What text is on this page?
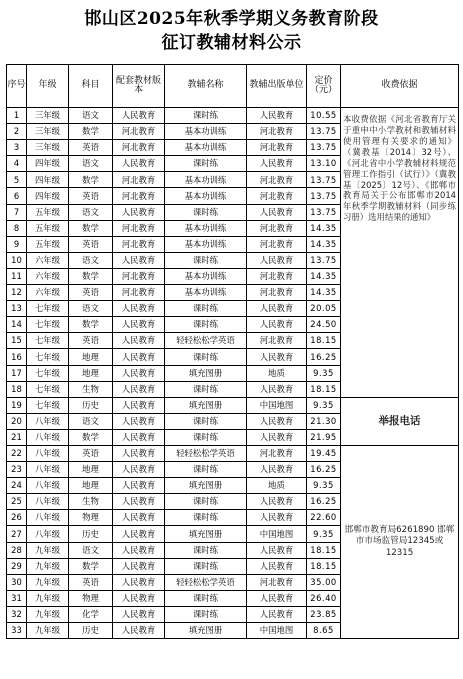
邯山区2025年秋季学期义务教育阶段
征订教辅材料公示
序号	年级	科目	配套教材版本	教辅名称	教辅出版单位	定价（元）	收费依据
1	三年级	语文	人民教育	课时练	人民教育	10.55	本收费依据《河北省教育厅关于重申中小学教材和教辅材料使用管理有关要求的通知》（冀教基〔2014〕32号）、《河北省中小学教辅材料规范管理工作指引（试行）》（冀教基〔2025〕12号）、《邯郸市教育局关于公布邯郸市2014年秋季学期教辅材料（同步练习册）选用结果的通知》
2	三年级	数学	河北教育	基本功训练	河北教育	13.75	
3	三年级	英语	河北教育	基本功训练	河北教育	13.75	
4	四年级	语文	人民教育	课时练	人民教育	13.10	
5	四年级	数学	河北教育	基本功训练	河北教育	13.75	
6	四年级	英语	河北教育	基本功训练	河北教育	13.75	
7	五年级	语文	人民教育	课时练	人民教育	13.75	
8	五年级	数学	河北教育	基本功训练	河北教育	14.35	
9	五年级	英语	河北教育	基本功训练	河北教育	14.35	
10	六年级	语文	人民教育	课时练	人民教育	13.75	
11	六年级	数学	河北教育	基本功训练	河北教育	14.35	
12	六年级	英语	河北教育	基本功训练	河北教育	14.35	
13	七年级	语文	人民教育	课时练	人民教育	20.05	
14	七年级	数学	人民教育	课时练	人民教育	24.50	
15	七年级	英语	人民教育	轻轻松松学英语	河北教育	18.15	
16	七年级	地理	人民教育	课时练	人民教育	16.25	
17	七年级	地理	人民教育	填充图册	地质	9.35	
18	七年级	生物	人民教育	课时练	人民教育	18.15	
19	七年级	历史	人民教育	填充图册	中国地图	9.35	举报电话
20	八年级	语文	人民教育	课时练	人民教育	21.30	
21	八年级	数学	人民教育	课时练	人民教育	21.95	
22	八年级	英语	人民教育	轻轻松松学英语	河北教育	19.45	邯郸市教育局6261890 邯郸市市场监管局12345或12315
23	八年级	地理	人民教育	课时练	人民教育	16.25	
24	八年级	地理	人民教育	填充图册	地质	9.35	
25	八年级	生物	人民教育	课时练	人民教育	16.25	
26	八年级	物理	人民教育	课时练	人民教育	22.60	
27	八年级	历史	人民教育	填充图册	中国地图	9.35	
28	九年级	语文	人民教育	课时练	人民教育	18.15	
29	九年级	数学	人民教育	课时练	人民教育	18.15	
30	九年级	英语	人民教育	轻轻松松学英语	河北教育	35.00	
31	九年级	物理	人民教育	课时练	人民教育	26.40	
32	九年级	化学	人民教育	课时练	人民教育	23.85	
33	九年级	历史	人民教育	填充图册	中国地图	8.65	
